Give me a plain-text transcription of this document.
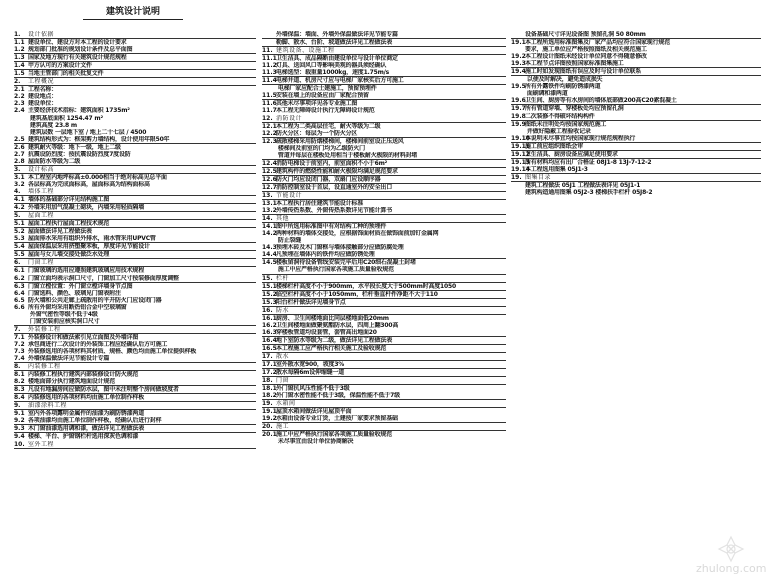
建筑设计说明
1. 设计依据
1.1 建设单位、建设方对本工程的设计要求
1.2 规划部门批准的规划设计条件及总平面图
1.3 国家及地方现行有关建筑设计规范规程
1.4 甲方认可的方案设计文件
1.5 当地主管部门的相关批复文件
2. 工程概况
2.1 工程名称：
2.2 建设地点：
2.3 建设单位：
2.4 主要经济技术指标：建筑面积 1735m²
建筑基底面积 1254.47 m²
建筑高度 23.8 m
建筑层数 一层地下室 / 地上二十七层 / 4500
2.5 建筑结构形式为：框架剪力墙结构，设计使用年限50年
2.6 建筑耐火等级：地下一级，地上二级
2.7 抗震设防烈度：按抗震设防烈度7度设防
2.8 屋面防水等级为二级
3. 设计标高
3.1 本工程室内地坪标高±0.000相当于绝对标高见总平面
3.2 各层标高为完成面标高，屋面标高为结构面标高
4. 墙体工程
4.1 墙体的基础部分详见结构施工图
4.2 外墙采用加气混凝土砌块，内墙采用轻质隔墙
5. 屋面工程
5.1 屋面工程执行屋面工程技术规范
5.2 屋面做法详见工程做法表
5.3 屋面排水采用有组织外排水，雨水管采用UPVC管
5.4 屋面保温层采用挤塑聚苯板，厚度详见节能设计
5.5 屋面与女儿墙交接处做泛水处理
6. 门窗工程
6.1 门窗玻璃的选用应遵照建筑玻璃应用技术规程
6.2 门窗立面均表示洞口尺寸，门窗加工尺寸按装修面厚度调整
6.3 门窗立樘位置：外门窗立樘详墙身节点图
6.4 门窗选料、颜色、玻璃见门窗表附注
6.5 防火墙和公共走廊上疏散用的平开防火门应设闭门器
6.6 所有外窗均采用断热铝合金中空玻璃窗
外窗气密性等级不低于4级
门窗安装前应核实洞口尺寸
7. 外装修工程
7.1 外装修设计和做法索引见立面图及外墙详图
7.2 承包商进行二次设计的外装饰工程应经确认后方可施工
7.3 外装修选用的各项材料其材质、规格、颜色均由施工单位提供样板
7.4 外墙保温做法详见节能设计专篇
8. 内装修工程
8.1 内装修工程执行建筑内部装修设计防火规范
8.2 楼地面部分执行建筑地面设计规范
8.3 凡设有地漏房间应做防水层，图中未注明整个房间做坡度者
8.4 内装修选用的各项材料均由施工单位制作样板
9. 油漆涂料工程
9.1 室内外各项露明金属件的油漆为刷防锈漆两道
9.2 各项油漆均由施工单位制作样板，经确认后进行封样
9.3 木门窗油漆选用调和漆，做法详见工程做法表
9.4 楼梯、平台、护窗钢栏杆选用深灰色调和漆
10. 室外工程
外墙保温：墙面、外墙外保温做法详见节能专篇
勒脚、散水、台阶、坡道做法详见工程做法表
11. 建筑设备、设施工程
11.1卫生洁具、成品隔断由建设单位与设计单位商定
11.2灯具、送回风口等影响美观的器具须经确认
11.3电梯选型：载重量1000kg，速度1.75m/s
11.4电梯井道、机房尺寸应与电梯厂家核实后方可施工
电梯厂家应配合土建施工，预留预埋件
11.5安装在墙上的设备应由厂家配合预留
11.6其他未尽事项详见各专业施工图
11.7本工程无障碍设计执行无障碍设计规范
12. 消防设计
12.1本工程为二类高层住宅，耐火等级为二级
12.2防火分区：每层为一个防火分区
12.3疏散楼梯采用防烟楼梯间，楼梯间前室设正压送风
楼梯间及前室的门均为乙级防火门
管道井每层在楼板处用相当于楼板耐火极限的材料封堵
12.4消防电梯设于前室内，前室面积不小于6m²
12.5建筑构件的燃烧性能和耐火极限均满足规范要求
12.6防火门均应设闭门器，双扇门应设顺序器
12.7消防控制室设于首层，设直通室外的安全出口
13. 节能设计
13.1本工程执行居住建筑节能设计标准
13.2外墙传热系数、外窗传热系数详见节能计算书
14. 其他
14.1图中所选用标准图中有对结构工种的预埋件
14.2两种材料的墙体交接处，应根据饰面材质在做饰面前加钉金属网
防止裂缝
14.3预埋木砖及木门窗框与墙体接触部分应做防腐处理
14.4凡预埋在墙体内的铁件均应做防锈处理
14.5楼板留洞待设备管线安装完毕后用C20细石混凝土封堵
施工中应严格执行国家各项施工质量验收规范
15. 栏杆
15.1楼梯栏杆高度不小于900mm，水平段长度大于500mm时高度1050
15.2临空栏杆高度不小于1050mm，栏杆垂直杆件净距不大于110
15.3阳台栏杆做法详见墙身节点
16. 防水
16.1厨房、卫生间楼地面比同层楼地面低20mm
16.2卫生间楼地面做聚氨酯防水层，四周上翻300高
16.3穿楼板管道均设套管，套管高出地面20
16.4地下室防水等级为二级，做法详见工程做法表
16.5本工程施工应严格执行相关施工及验收规范
17. 散水
17.1室外散水宽900，坡度3%
17.2散水每隔6m设伸缩缝一道
18. 门窗
18.1外门窗抗风压性能不低于3级
18.2外门窗水密性能不低于3级，保温性能不低于7级
19. 水箱间
19.1屋顶水箱间做法详见屋顶平面
19.2水箱由设备专业订货，土建按厂家要求预留基础
20. 施工
20.1施工中应严格执行国家各项施工质量验收规范
未尽事宜由设计单位协商解决
设备基础尺寸详见设备图 预留孔洞 50 80mm
19.1本工程所选用标准图集及厂家产品均应符合国家现行规范
要求，施工单位应严格按照图纸及相关规范施工
19.2本工程设计图纸未经设计单位同意不得随意修改
19.3本工程节点详图按照国家标准图集施工
19.4施工时如发现图纸有误应及时与设计单位联系
以便及时解决，避免造成损失
19.5所有外露铁件均刷防锈漆两道
面刷调和漆两道
19.6卫生间、厨房等有水房间的墙体底部做200高C20素混凝土
19.7所有管道穿墙、穿楼板处均应预留孔洞
19.8二次装修不得破坏结构构件
19.9图纸未注明处均按国家规范施工
并做好隐蔽工程验收记录
19.10本说明未尽事宜均按国家现行规范规程执行
19.11施工前应组织图纸会审
19.12卫生洁具、厨房设备应满足使用要求
19.13所有材料均应有出厂合格证 08J1-8 13J-7-12-2
19.14本工程选用图集 05J1-3
19. 图集目录
建筑工程做法 05J1 工程做法表详见 05J1-1
建筑构造通用图集 05J2-3 楼梯扶手栏杆 05J8-2
zhulong.com
